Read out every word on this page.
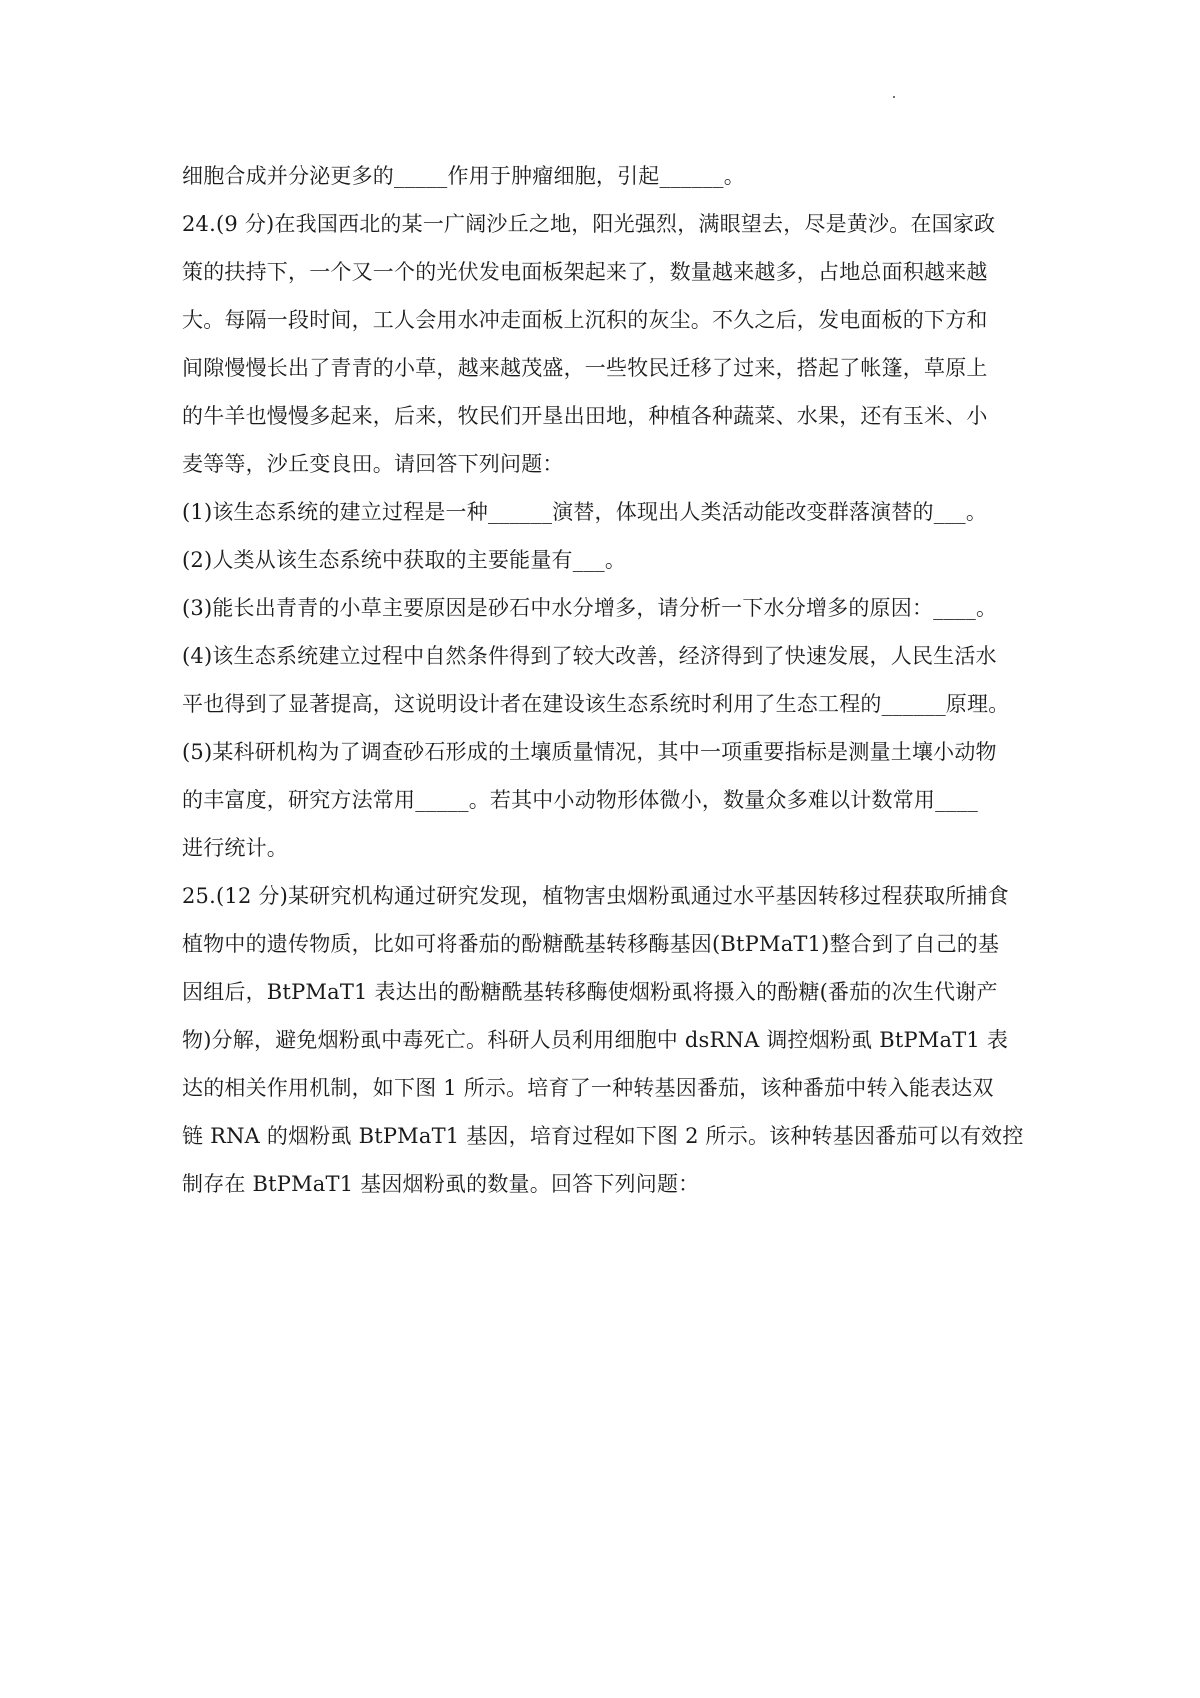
细胞合成并分泌更多的_____作用于肿瘤细胞，引起______。
24.(9 分)在我国西北的某一广阔沙丘之地，阳光强烈，满眼望去，尽是黄沙。在国家政
策的扶持下，一个又一个的光伏发电面板架起来了，数量越来越多，占地总面积越来越
大。每隔一段时间，工人会用水冲走面板上沉积的灰尘。不久之后，发电面板的下方和
间隙慢慢长出了青青的小草，越来越茂盛，一些牧民迁移了过来，搭起了帐篷，草原上
的牛羊也慢慢多起来，后来，牧民们开垦出田地，种植各种蔬菜、水果，还有玉米、小
麦等等，沙丘变良田。请回答下列问题：
(1)该生态系统的建立过程是一种______演替，体现出人类活动能改变群落演替的___。
(2)人类从该生态系统中获取的主要能量有___。
(3)能长出青青的小草主要原因是砂石中水分增多，请分析一下水分增多的原因：____。
(4)该生态系统建立过程中自然条件得到了较大改善，经济得到了快速发展，人民生活水
平也得到了显著提高，这说明设计者在建设该生态系统时利用了生态工程的______原理。
(5)某科研机构为了调查砂石形成的土壤质量情况，其中一项重要指标是测量土壤小动物
的丰富度，研究方法常用_____。若其中小动物形体微小，数量众多难以计数常用____
进行统计。
25.(12 分)某研究机构通过研究发现，植物害虫烟粉虱通过水平基因转移过程获取所捕食
植物中的遗传物质，比如可将番茄的酚糖酰基转移酶基因(BtPMaT1)整合到了自己的基
因组后，BtPMaT1 表达出的酚糖酰基转移酶使烟粉虱将摄入的酚糖(番茄的次生代谢产
物)分解，避免烟粉虱中毒死亡。科研人员利用细胞中 dsRNA 调控烟粉虱 BtPMaT1 表
达的相关作用机制，如下图 1 所示。培育了一种转基因番茄，该种番茄中转入能表达双
链 RNA 的烟粉虱 BtPMaT1 基因，培育过程如下图 2 所示。该种转基因番茄可以有效控
制存在 BtPMaT1 基因烟粉虱的数量。回答下列问题：
